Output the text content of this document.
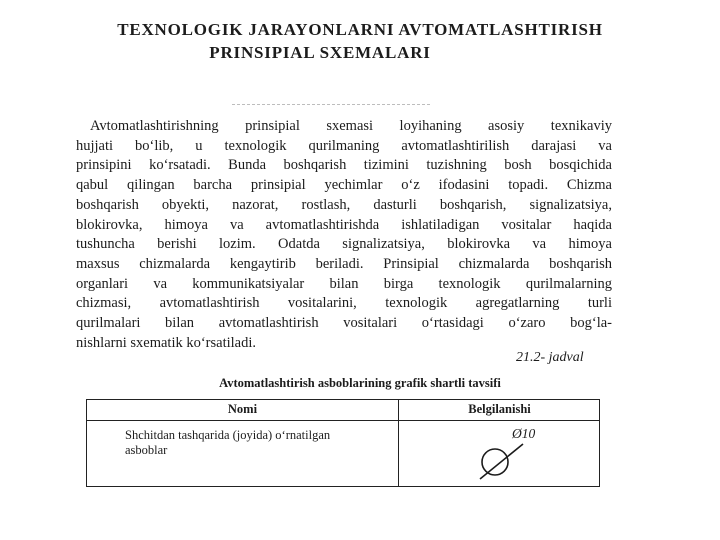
TEXNOLOGIK JARAYONLARNI AVTOMATLASHTIRISH
PRINSIPIAL SXEMALARI
Avtomatlashtirishning prinsipial sxemasi loyihaning asosiy texnikaviy
hujjati bo‘lib, u texnologik qurilmaning avtomatlashtirilish darajasi va
prinsipini ko‘rsatadi. Bunda boshqarish tizimini tuzishning bosh bosqichida
qabul qilingan barcha prinsipial yechimlar o‘z ifodasini topadi. Chizma
boshqarish obyekti, nazorat, rostlash, dasturli boshqarish, signalizatsiya,
blokirovka, himoya va avtomatlashtirishda ishlatiladigan vositalar haqida
tushuncha berishi lozim. Odatda signalizatsiya, blokirovka va himoya
maxsus chizmalarda kengaytirib beriladi. Prinsipial chizmalarda boshqarish
organlari va kommunikatsiyalar bilan birga texnologik qurilmalarning
chizmasi, avtomatlashtirish vositalarini, texnologik agregatlarning turli
qurilmalari bilan avtomatlashtirish vositalari o‘rtasidagi o‘zaro bog‘la-
nishlarni sxematik ko‘rsatiladi.
21.2- jadval
Avtomatlashtirish asboblarining grafik shartli tavsifi
Nomi	Belgilanishi
Shchitdan tashqarida (joyida) o‘rnatilgan asboblar
Ø10
